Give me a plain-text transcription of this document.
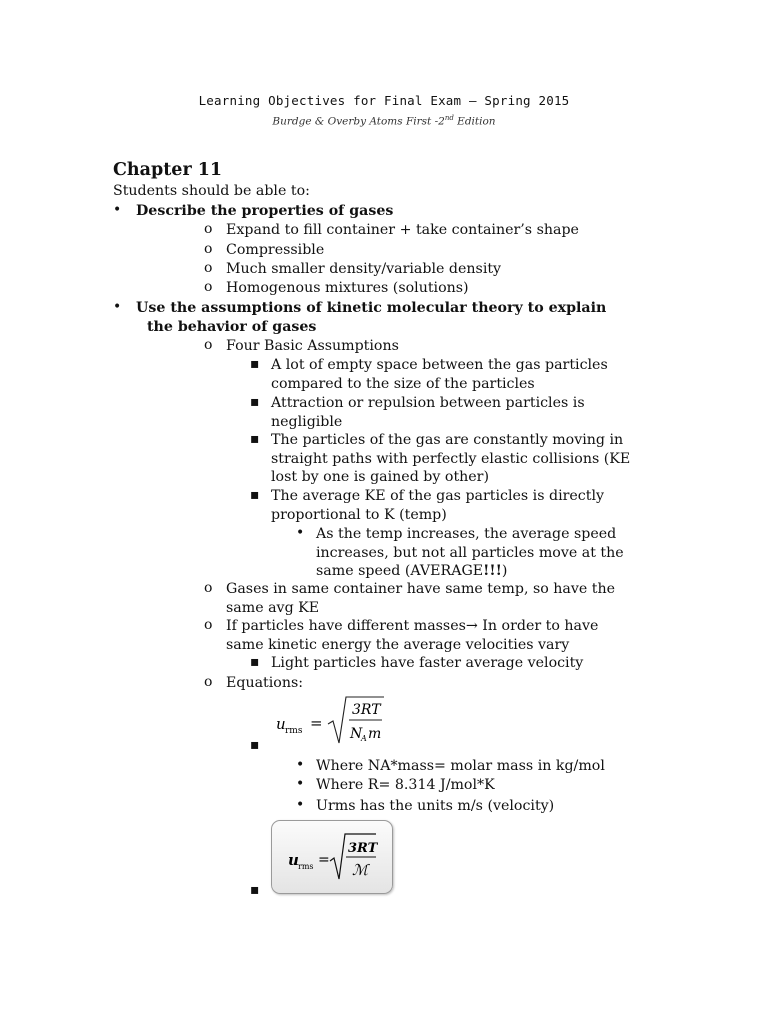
Learning Objectives for Final Exam — Spring 2015
Burdge & Overby Atoms First -2nd Edition
Chapter 11
Students should be able to:
• Describe the properties of gases
o Expand to fill container + take container’s shape
o Compressible
o Much smaller density/variable density
o Homogenous mixtures (solutions)
• Use the assumptions of kinetic molecular theory to explain
the behavior of gases
o Four Basic Assumptions
▪ A lot of empty space between the gas particles
compared to the size of the particles
▪ Attraction or repulsion between particles is
negligible
▪ The particles of the gas are constantly moving in
straight paths with perfectly elastic collisions (KE
lost by one is gained by other)
▪ The average KE of the gas particles is directly
proportional to K (temp)
• As the temp increases, the average speed
increases, but not all particles move at the
same speed (AVERAGE!!!)
o Gases in same container have same temp, so have the
same avg KE
o If particles have different masses→ In order to have
same kinetic energy the average velocities vary
▪ Light particles have faster average velocity
o Equations:
u rms =
3RT
N
A m
▪
• Where NA*mass= molar mass in kg/mol
• Where R= 8.314 J/mol*K
• Urms has the units m/s (velocity)
u rms =
3RT
ℳ
▪
